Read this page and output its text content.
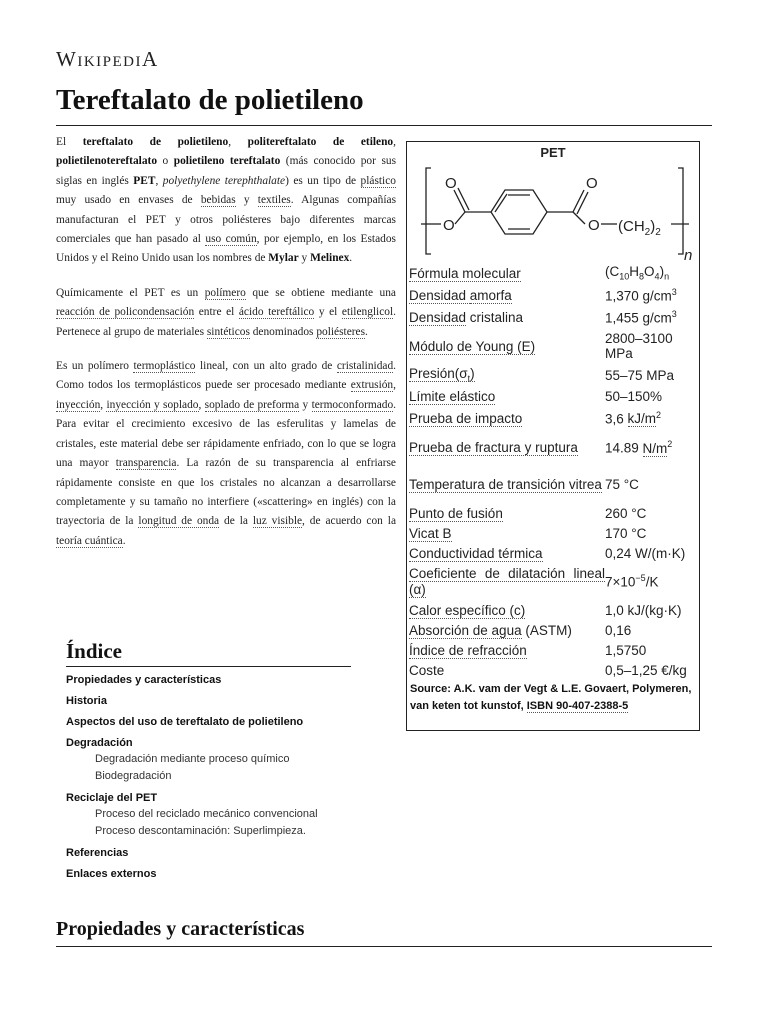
WikipediA
Tereftalato de polietileno

El tereftalato de polietileno, politereftalato de etileno, polietilenotereftalato o polietileno tereftalato (más conocido por sus siglas en inglés PET, polyethylene terephthalate) es un tipo de plástico muy usado en envases de bebidas y textiles. Algunas compañías manufacturan el PET y otros poliésteres bajo diferentes marcas comerciales que han pasado al uso común, por ejemplo, en los Estados Unidos y el Reino Unido usan los nombres de Mylar y Melinex.

Químicamente el PET es un polímero que se obtiene mediante una reacción de policondensación entre el ácido tereftálico y el etilenglicol. Pertenece al grupo de materiales sintéticos denominados poliésteres.

Es un polímero termoplástico lineal, con un alto grado de cristalinidad. Como todos los termoplásticos puede ser procesado mediante extrusión, inyección, inyección y soplado, soplado de preforma y termoconformado. Para evitar el crecimiento excesivo de las esferulitas y lamelas de cristales, este material debe ser rápidamente enfriado, con lo que se logra una mayor transparencia. La razón de su transparencia al enfriarse rápidamente consiste en que los cristales no alcanzan a desarrollarse completamente y su tamaño no interfiere («scattering» en inglés) con la trayectoria de la longitud de onda de la luz visible, de acuerdo con la teoría cuántica.

Índice
Propiedades y características
Historia
Aspectos del uso de tereftalato de polietileno
Degradación
Degradación mediante proceso químico
Biodegradación
Reciclaje del PET
Proceso del reciclado mecánico convencional
Proceso descontaminación: Superlimpieza.
Referencias
Enlaces externos
Propiedades y características
PET
O
O
O
O $(CH_2)_2$
n
Fórmula molecular	$(C_{10}H_8O_4)_n$
Densidad amorfa	1,370 $g/cm^3$
Densidad cristalina	1,455 $g/cm^3$
Módulo de Young (E)	2800–3100 MPa
$Presión(\sigma_t)$	55–75 MPa
Límite elástico	50–150%
Prueba de impacto	3,6 $kJ/m^2$
Prueba de fractura y ruptura	14.89 $N/m^2$
Temperatura de transición vitrea	75 °C
Punto de fusión	260 °C
Vicat B	170 °C
Conductividad térmica	0,24 W/(m·K)
Coeficiente de dilatación lineal (α)	$7\times 10^{-5}/K$
Calor específico (c)	1,0 kJ/(kg·K)
Absorción de agua (ASTM)	0,16
Índice de refracción	1,5750
Coste	0,5–1,25 €/kg
Source: A.K. vam der Vegt & L.E. Govaert, Polymeren, van keten tot kunstof, ISBN 90-407-2388-5
